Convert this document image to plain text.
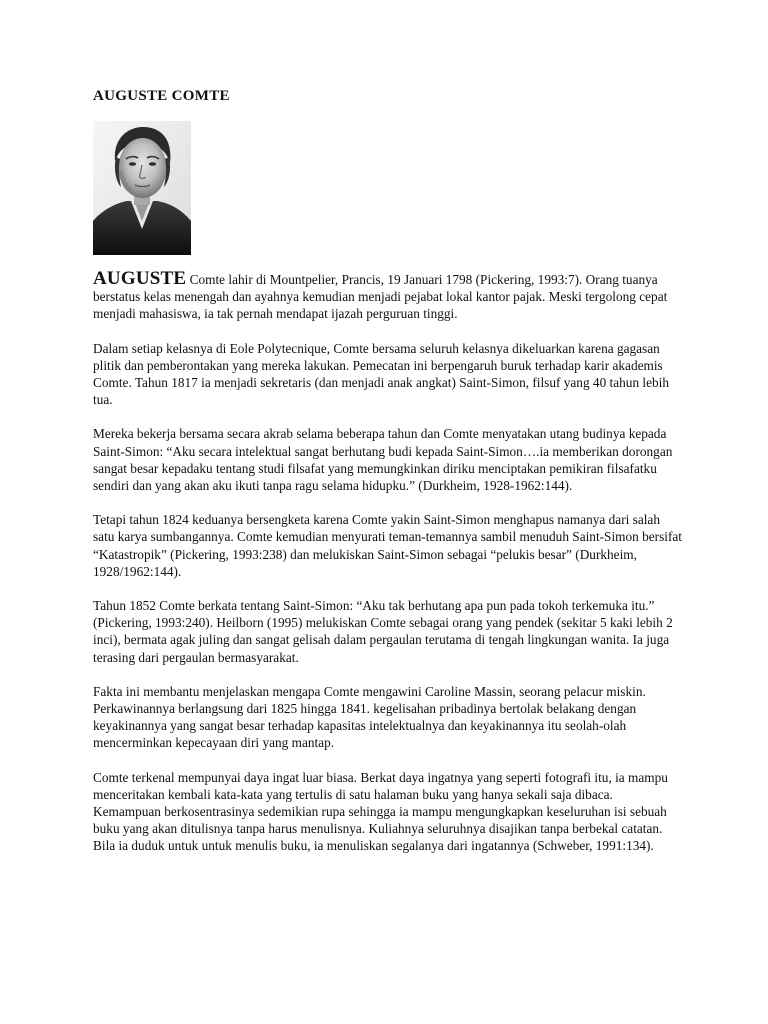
AUGUSTE COMTE

AUGUSTE Comte lahir di Mountpelier, Prancis, 19 Januari 1798 (Pickering, 1993:7). Orang tuanya berstatus kelas menengah dan ayahnya kemudian menjadi pejabat lokal kantor pajak. Meski tergolong cepat menjadi mahasiswa, ia tak pernah mendapat ijazah perguruan tinggi.

Dalam setiap kelasnya di Eole Polytecnique, Comte bersama seluruh kelasnya dikeluarkan karena gagasan plitik dan pemberontakan yang mereka lakukan. Pemecatan ini berpengaruh buruk terhadap karir akademis Comte. Tahun 1817 ia menjadi sekretaris (dan menjadi anak angkat) Saint-Simon, filsuf yang 40 tahun lebih tua.

Mereka bekerja bersama secara akrab selama beberapa tahun dan Comte menyatakan utang budinya kepada Saint-Simon: “Aku secara intelektual sangat berhutang budi kepada Saint-Simon….ia memberikan dorongan sangat besar kepadaku tentang studi filsafat yang memungkinkan diriku menciptakan pemikiran filsafatku sendiri dan yang akan aku ikuti tanpa ragu selama hidupku.” (Durkheim, 1928-1962:144).

Tetapi tahun 1824 keduanya bersengketa karena Comte yakin Saint-Simon menghapus namanya dari salah satu karya sumbangannya. Comte kemudian menyurati teman-temannya sambil menuduh Saint-Simon bersifat “Katastropik” (Pickering, 1993:238) dan melukiskan Saint-Simon sebagai “pelukis besar” (Durkheim, 1928/1962:144).

Tahun 1852 Comte berkata tentang Saint-Simon: “Aku tak berhutang apa pun pada tokoh terkemuka itu.” (Pickering, 1993:240). Heilborn (1995) melukiskan Comte sebagai orang yang pendek (sekitar 5 kaki lebih 2 inci), bermata agak juling dan sangat gelisah dalam pergaulan terutama di tengah lingkungan wanita. Ia juga terasing dari pergaulan bermasyarakat.

Fakta ini membantu menjelaskan mengapa Comte mengawini Caroline Massin, seorang pelacur miskin. Perkawinannya berlangsung dari 1825 hingga 1841. kegelisahan pribadinya bertolak belakang dengan keyakinannya yang sangat besar terhadap kapasitas intelektualnya dan keyakinannya itu seolah-olah mencerminkan kepecayaan diri yang mantap.

Comte terkenal mempunyai daya ingat luar biasa. Berkat daya ingatnya yang seperti fotografi itu, ia mampu menceritakan kembali kata-kata yang tertulis di satu halaman buku yang hanya sekali saja dibaca. Kemampuan berkosentrasinya sedemikian rupa sehingga ia mampu mengungkapkan keseluruhan isi sebuah buku yang akan ditulisnya tanpa harus menulisnya. Kuliahnya seluruhnya disajikan tanpa berbekal catatan. Bila ia duduk untuk untuk menulis buku, ia menuliskan segalanya dari ingatannya (Schweber, 1991:134).
